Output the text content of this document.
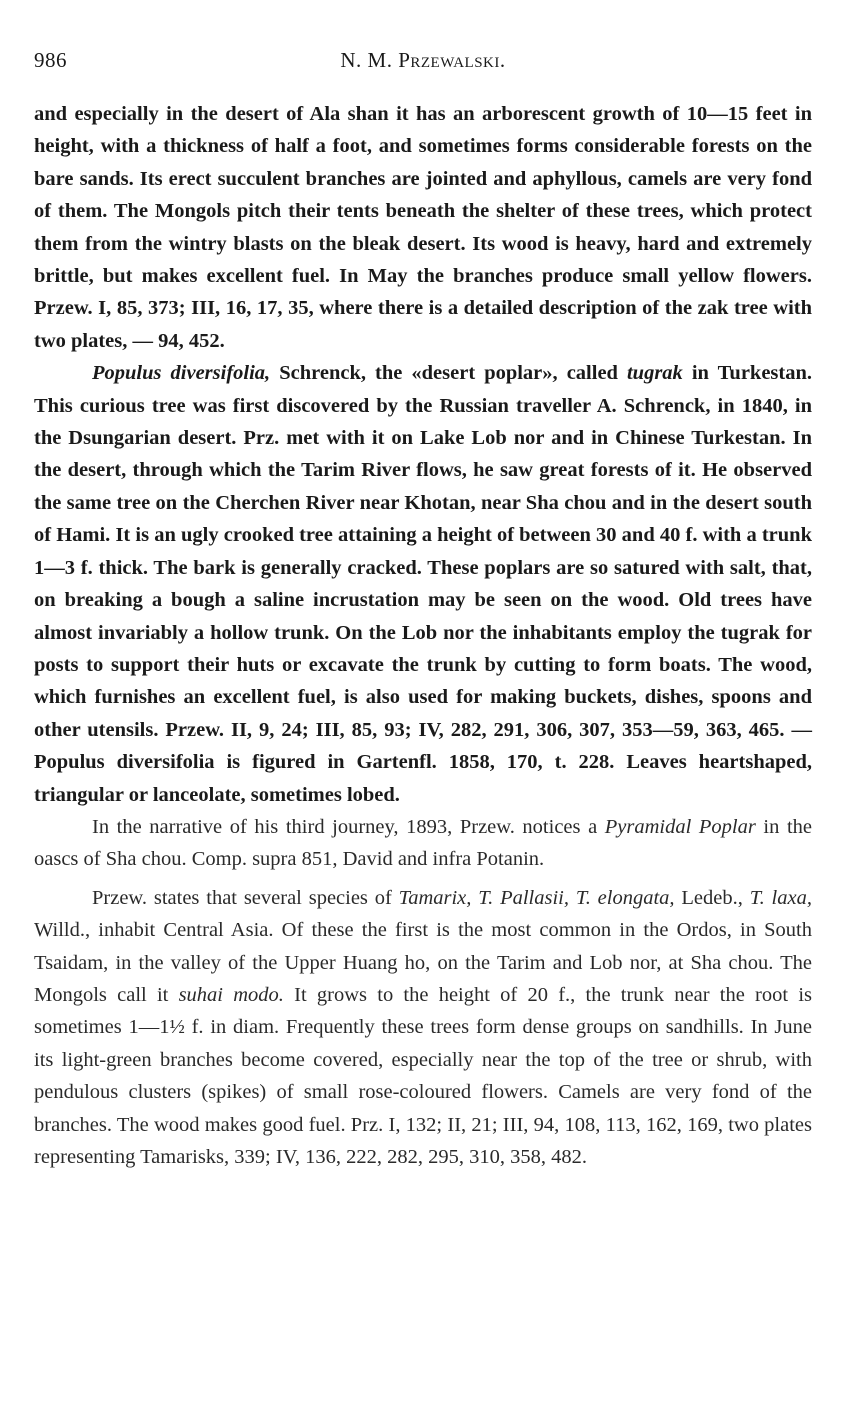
986	N. M. Przewalski.

and especially in the desert of Ala shan it has an arborescent growth of 10—15 feet in height, with a thickness of half a foot, and sometimes forms considerable forests on the bare sands. Its erect succulent branches are jointed and aphyllous, camels are very fond of them. The Mongols pitch their tents beneath the shelter of these trees, which protect them from the wintry blasts on the bleak desert. Its wood is heavy, hard and extremely brittle, but makes excellent fuel. In May the branches produce small yellow flowers. Przew. I, 85, 373; III, 16, 17, 35, where there is a detailed description of the zak tree with two plates, — 94, 452.

Populus diversifolia, Schrenck, the «desert poplar», called tugrak in Turkestan. This curious tree was first discovered by the Russian traveller A. Schrenck, in 1840, in the Dsungarian desert. Prz. met with it on Lake Lob nor and in Chinese Turkestan. In the desert, through which the Tarim River flows, he saw great forests of it. He observed the same tree on the Cherchen River near Khotan, near Sha chou and in the desert south of Hami. It is an ugly crooked tree attaining a height of between 30 and 40 f. with a trunk 1—3 f. thick. The bark is generally cracked. These poplars are so satured with salt, that, on breaking a bough a saline incrustation may be seen on the wood. Old trees have almost invariably a hollow trunk. On the Lob nor the inhabitants employ the tugrak for posts to support their huts or excavate the trunk by cutting to form boats. The wood, which furnishes an excellent fuel, is also used for making buckets, dishes, spoons and other utensils. Przew. II, 9, 24; III, 85, 93; IV, 282, 291, 306, 307, 353—59, 363, 465. — Populus diversifolia is figured in Gartenfl. 1858, 170, t. 228. Leaves heartshaped, triangular or lanceolate, sometimes lobed.

In the narrative of his third journey, 1893, Przew. notices a Pyramidal Poplar in the oascs of Sha chou. Comp. supra 851, David and infra Potanin.

Przew. states that several species of Tamarix, T. Pallasii, T. elongata, Ledeb., T. laxa, Willd., inhabit Central Asia. Of these the first is the most common in the Ordos, in South Tsaidam, in the valley of the Upper Huang ho, on the Tarim and Lob nor, at Sha chou. The Mongols call it suhai modo. It grows to the height of 20 f., the trunk near the root is sometimes 1—1½ f. in diam. Frequently these trees form dense groups on sandhills. In June its light-green branches become covered, especially near the top of the tree or shrub, with pendulous clusters (spikes) of small rose-coloured flowers. Camels are very fond of the branches. The wood makes good fuel. Prz. I, 132; II, 21; III, 94, 108, 113, 162, 169, two plates representing Tamarisks, 339; IV, 136, 222, 282, 295, 310, 358, 482.
